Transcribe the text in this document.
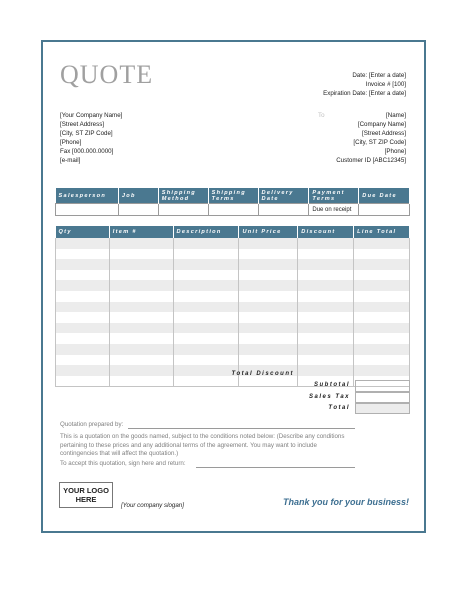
QUOTE	Date: [Enter a date]
Invoice # [100]
Expiration Date: [Enter a date]
[Your Company Name]
[Street Address]
[City, ST ZIP Code]
[Phone]
Fax [000.000.0000]
[e-mail]
To	[Name]
[Company Name]
[Street Address]
[City, ST ZIP Code]
[Phone]
Customer ID [ABC12345]
Salesperson	Job	Shipping Method	Shipping Terms	Delivery Date	Payment Terms	Due Date
					Due on receipt	
Qty	Item #	Description	Unit Price	Discount	Line Total

Total Discount
Subtotal
Sales Tax
Total
Quotation prepared by:
This is a quotation on the goods named, subject to the conditions noted below: (Describe any conditions pertaining to these prices and any additional terms of the agreement. You may want to include contingencies that will affect the quotation.)
To accept this quotation, sign here and return:
YOUR LOGO HERE
[Your company slogan]	Thank you for your business!
